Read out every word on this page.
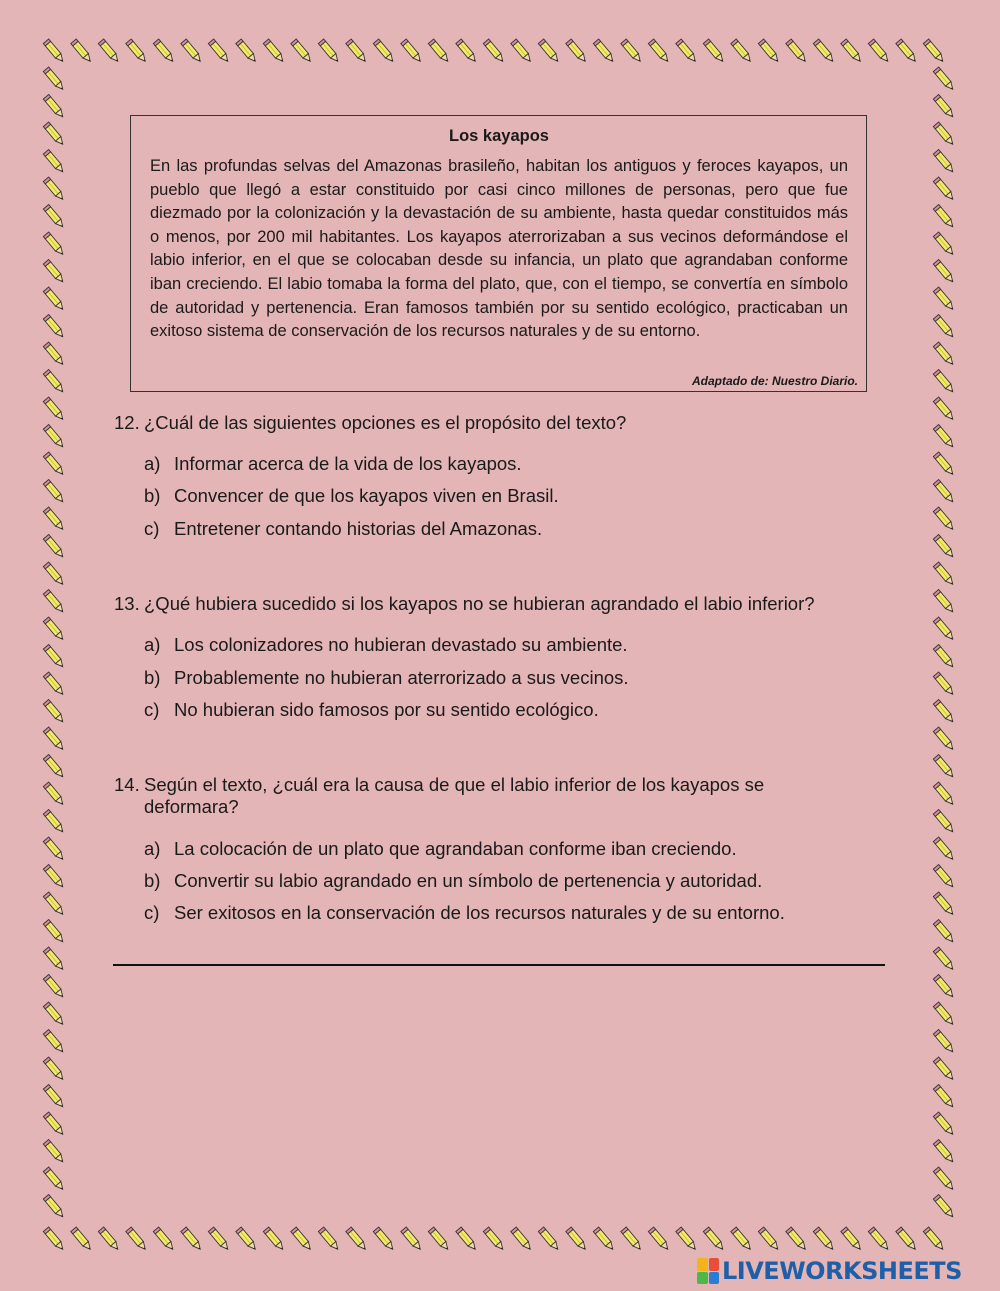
Los kayapos

En las profundas selvas del Amazonas brasileño, habitan los antiguos y feroces kayapos, un pueblo que llegó a estar constituido por casi cinco millones de personas, pero que fue diezmado por la colonización y la devastación de su ambiente, hasta quedar constituidos más o menos, por 200 mil habitantes. Los kayapos aterrorizaban a sus vecinos deformándose el labio inferior, en el que se colocaban desde su infancia, un plato que agrandaban conforme iban creciendo. El labio tomaba la forma del plato, que, con el tiempo, se convertía en símbolo de autoridad y pertenencia. Eran famosos también por su sentido ecológico, practicaban un exitoso sistema de conservación de los recursos naturales y de su entorno.

Adaptado de: Nuestro Diario.
12. ¿Cuál de las siguientes opciones es el propósito del texto?
a) Informar acerca de la vida de los kayapos.
b) Convencer de que los kayapos viven en Brasil.
c) Entretener contando historias del Amazonas.
13. ¿Qué hubiera sucedido si los kayapos no se hubieran agrandado el labio inferior?
a) Los colonizadores no hubieran devastado su ambiente.
b) Probablemente no hubieran aterrorizado a sus vecinos.
c) No hubieran sido famosos por su sentido ecológico.
14. Según el texto, ¿cuál era la causa de que el labio inferior de los kayapos se deformara?
a) La colocación de un plato que agrandaban conforme iban creciendo.
b) Convertir su labio agrandado en un símbolo de pertenencia y autoridad.
c) Ser exitosos en la conservación de los recursos naturales y de su entorno.
LIVEWORKSHEETS
